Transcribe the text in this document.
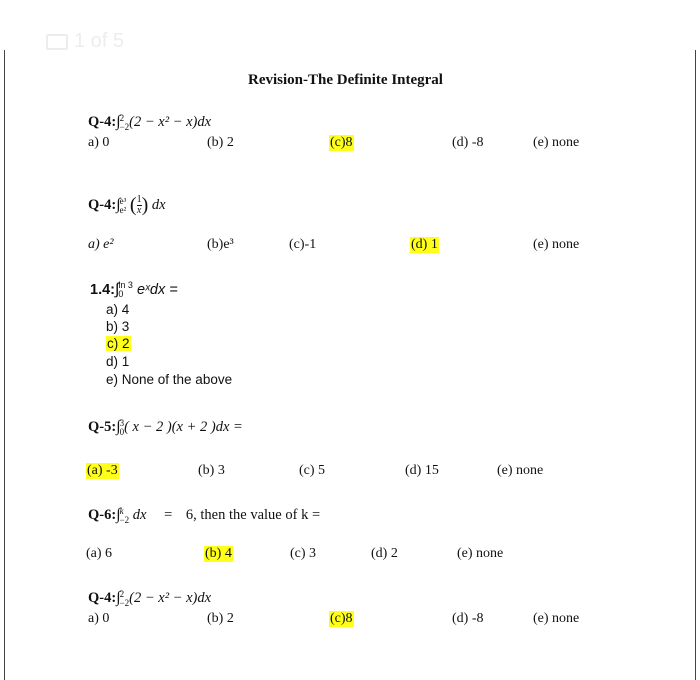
1 of 5
Revision-The Definite Integral
Q-4:∫ 2
−2 (2 − x² − x)dx
a) 0	(b) 2	(c)8	(d) -8	(e) none
Q-4:∫ e³
e² ( $\frac{1}{x}$ ) dx
a) e²	(b)e³	(c)-1	(d) 1	(e) none
1.4:∫ ln 3
0 eˣdx =
a) 4
b) 3
c) 2
d) 1
e) None of the above
Q-5:∫ 3
0 ( x − 2 )(x + 2 )dx =
(a) -3	(b) 3	(c) 5	(d) 15	(e) none
Q-6:∫ k
−2 dx = 6, then the value of k =
(a) 6	(b) 4	(c) 3	(d) 2	(e) none
Q-4:∫ 2
−2 (2 − x² − x)dx
a) 0	(b) 2	(c)8	(d) -8	(e) none
